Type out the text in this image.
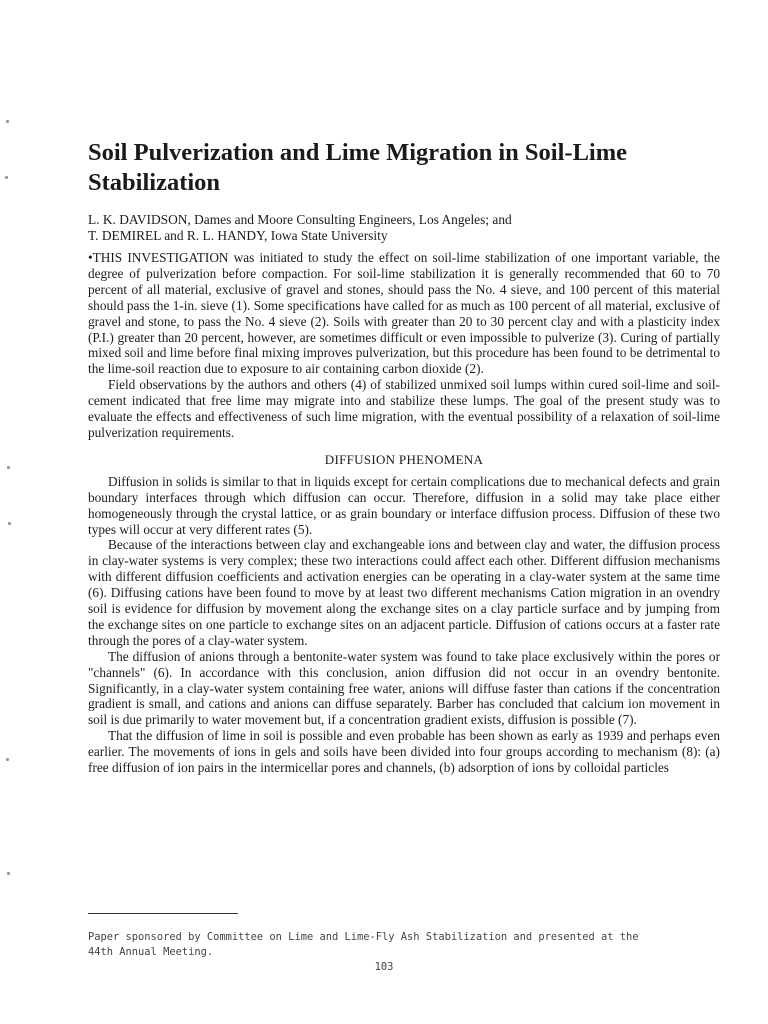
Soil Pulverization and Lime Migration in Soil-Lime Stabilization
L. K. DAVIDSON, Dames and Moore Consulting Engineers, Los Angeles; and
T. DEMIREL and R. L. HANDY, Iowa State University

•THIS INVESTIGATION was initiated to study the effect on soil-lime stabilization of one important variable, the degree of pulverization before compaction. For soil-lime stabilization it is generally recommended that 60 to 70 percent of all material, exclusive of gravel and stones, should pass the No. 4 sieve, and 100 percent of this material should pass the 1-in. sieve (1). Some specifications have called for as much as 100 percent of all material, exclusive of gravel and stone, to pass the No. 4 sieve (2). Soils with greater than 20 to 30 percent clay and with a plasticity index (P.I.) greater than 20 percent, however, are sometimes difficult or even impossible to pulverize (3). Curing of partially mixed soil and lime before final mixing improves pulverization, but this procedure has been found to be detrimental to the lime-soil reaction due to exposure to air containing carbon dioxide (2).

Field observations by the authors and others (4) of stabilized unmixed soil lumps within cured soil-lime and soil-cement indicated that free lime may migrate into and stabilize these lumps. The goal of the present study was to evaluate the effects and effectiveness of such lime migration, with the eventual possibility of a relaxation of soil-lime pulverization requirements.

DIFFUSION PHENOMENA

Diffusion in solids is similar to that in liquids except for certain complications due to mechanical defects and grain boundary interfaces through which diffusion can occur. Therefore, diffusion in a solid may take place either homogeneously through the crystal lattice, or as grain boundary or interface diffusion process. Diffusion of these two types will occur at very different rates (5).

Because of the interactions between clay and exchangeable ions and between clay and water, the diffusion process in clay-water systems is very complex; these two interactions could affect each other. Different diffusion mechanisms with different diffusion coefficients and activation energies can be operating in a clay-water system at the same time (6). Diffusing cations have been found to move by at least two different mechanisms Cation migration in an ovendry soil is evidence for diffusion by movement along the exchange sites on a clay particle surface and by jumping from the exchange sites on one particle to exchange sites on an adjacent particle. Diffusion of cations occurs at a faster rate through the pores of a clay-water system.

The diffusion of anions through a bentonite-water system was found to take place exclusively within the pores or "channels" (6). In accordance with this conclusion, anion diffusion did not occur in an ovendry bentonite. Significantly, in a clay-water system containing free water, anions will diffuse faster than cations if the concentration gradient is small, and cations and anions can diffuse separately. Barber has concluded that calcium ion movement in soil is due primarily to water movement but, if a concentration gradient exists, diffusion is possible (7).

That the diffusion of lime in soil is possible and even probable has been shown as early as 1939 and perhaps even earlier. The movements of ions in gels and soils have been divided into four groups according to mechanism (8): (a) free diffusion of ion pairs in the intermicellar pores and channels, (b) adsorption of ions by colloidal particles

Paper sponsored by Committee on Lime and Lime-Fly Ash Stabilization and presented at the
44th Annual Meeting.
103
